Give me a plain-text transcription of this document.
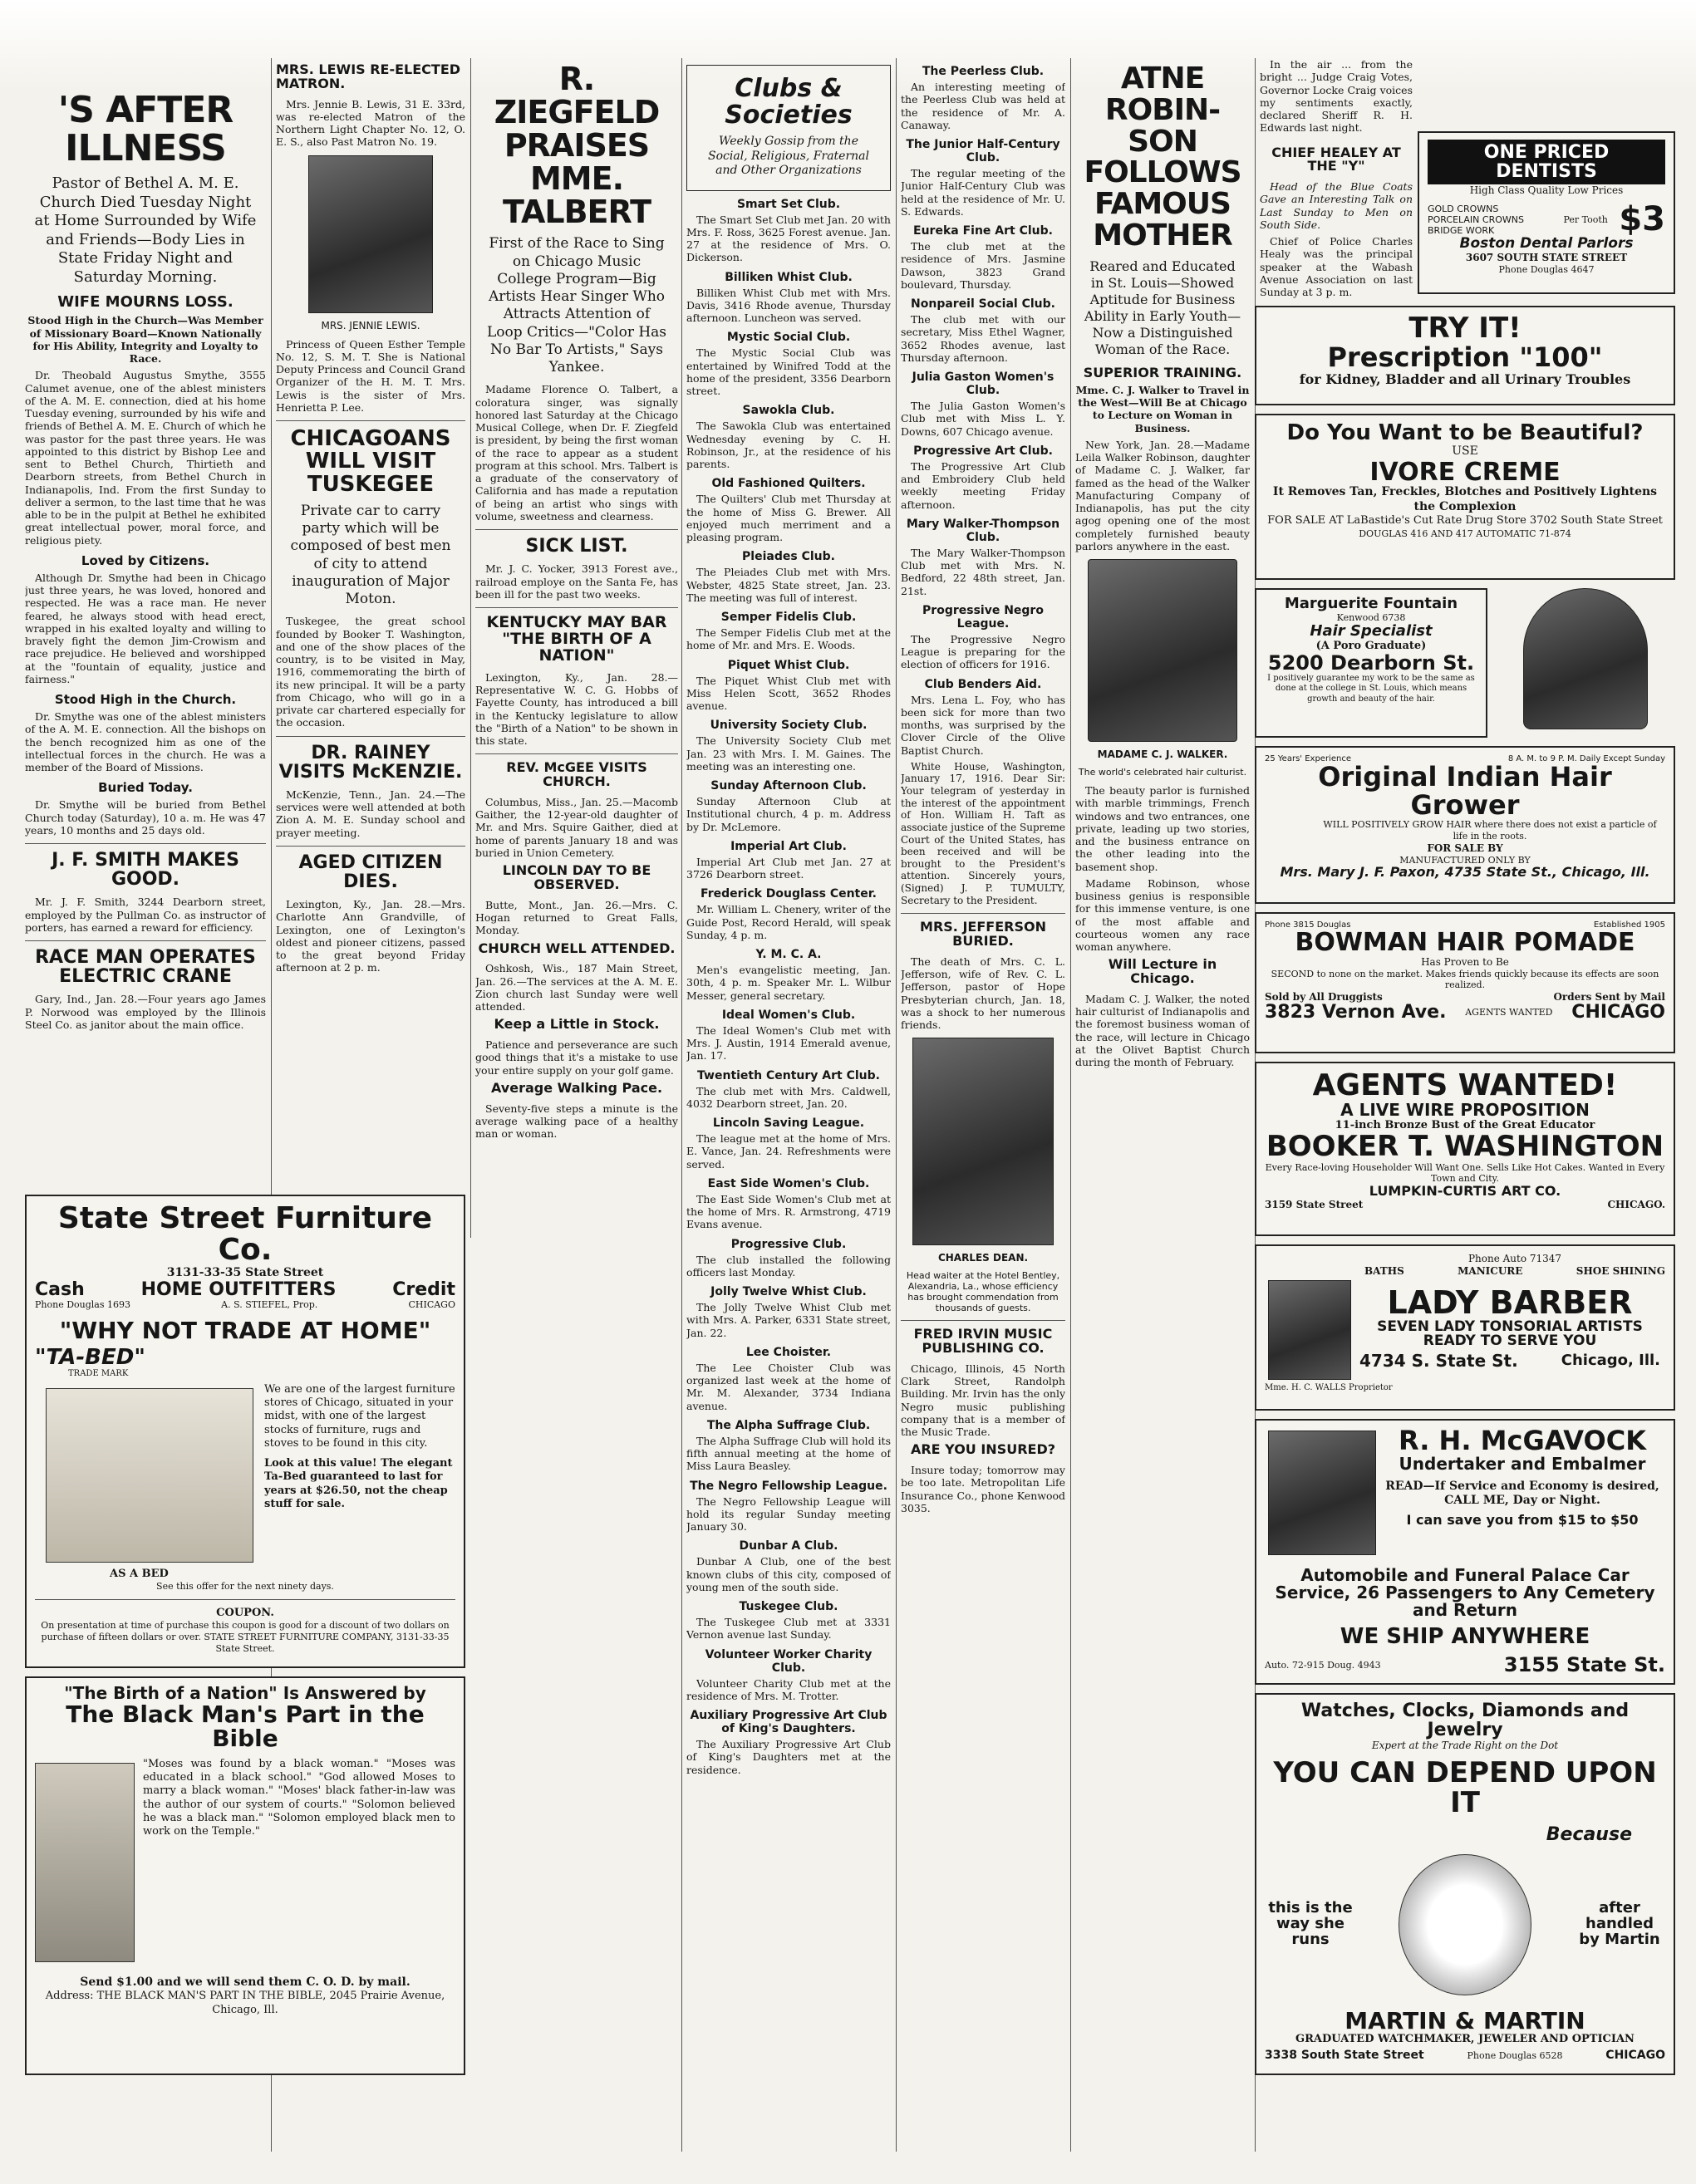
'S AFTER
ILLNESS
Pastor of Bethel A. M. E. Church Died Tuesday Night at Home Surrounded by Wife and Friends—Body Lies in State Friday Night and Saturday Morning.
WIFE MOURNS LOSS.

Stood High in the Church—Was Member of Missionary Board—Known Nationally for His Ability, Integrity and Loyalty to Race.

Dr. Theobald Augustus Smythe, 3555 Calumet avenue, one of the ablest ministers of the A. M. E. connection, died at his home Tuesday evening, surrounded by his wife and friends of Bethel A. M. E. Church of which he was pastor for the past three years. He was appointed to this district by Bishop Lee and sent to Bethel Church, Thirtieth and Dearborn streets, from Bethel Church in Indianapolis, Ind. From the first Sunday to deliver a sermon, to the last time that he was able to be in the pulpit at Bethel he exhibited great intellectual power, moral force, and religious piety.

Loved by Citizens.

Although Dr. Smythe had been in Chicago just three years, he was loved, honored and respected. He was a race man. He never feared, he always stood with head erect, wrapped in his exalted loyalty and willing to bravely fight the demon Jim-Crowism and race prejudice. He believed and worshipped at the "fountain of equality, justice and fairness."

Stood High in the Church.

Dr. Smythe was one of the ablest ministers of the A. M. E. connection. All the bishops on the bench recognized him as one of the intellectual forces in the church. He was a member of the Board of Missions.

Buried Today.

Dr. Smythe will be buried from Bethel Church today (Saturday), 10 a. m. He was 47 years, 10 months and 25 days old.

J. F. SMITH MAKES GOOD.

Mr. J. F. Smith, 3244 Dearborn street, employed by the Pullman Co. as instructor of porters, has earned a reward for efficiency.

RACE MAN OPERATES ELECTRIC CRANE

Gary, Ind., Jan. 28.—Four years ago James P. Norwood was employed by the Illinois Steel Co. as janitor about the main office.

MRS. LEWIS RE-ELECTED MATRON.

Mrs. Jennie B. Lewis, 31 E. 33rd, was re-elected Matron of the Northern Light Chapter No. 12, O. E. S., also Past Matron No. 19.

MRS. JENNIE LEWIS.

Princess of Queen Esther Temple No. 12, S. M. T. She is National Deputy Princess and Council Grand Organizer of the H. M. T. Mrs. Lewis is the sister of Mrs. Henrietta P. Lee.

CHICAGOANS WILL VISIT TUSKEGEE
Private car to carry party which will be composed of best men of city to attend inauguration of Major Moton.

Tuskegee, the great school founded by Booker T. Washington, and one of the show places of the country, is to be visited in May, 1916, commemorating the birth of its new principal. It will be a party from Chicago, who will go in a private car chartered especially for the occasion.

DR. RAINEY VISITS McKENZIE.

McKenzie, Tenn., Jan. 24.—The services were well attended at both Zion A. M. E. Sunday school and prayer meeting.

AGED CITIZEN DIES.

Lexington, Ky., Jan. 28.—Mrs. Charlotte Ann Grandville, of Lexington, one of Lexington's oldest and pioneer citizens, passed to the great beyond Friday afternoon at 2 p. m.

R. ZIEGFELD PRAISES MME. TALBERT
First of the Race to Sing on Chicago Music College Program—Big Artists Hear Singer Who Attracts Attention of Loop Critics—"Color Has No Bar To Artists," Says Yankee.

Madame Florence O. Talbert, a coloratura singer, was signally honored last Saturday at the Chicago Musical College, when Dr. F. Ziegfeld is president, by being the first woman of the race to appear as a student program at this school. Mrs. Talbert is a graduate of the conservatory of California and has made a reputation of being an artist who sings with volume, sweetness and clearness.

SICK LIST.

Mr. J. C. Yocker, 3913 Forest ave., railroad employe on the Santa Fe, has been ill for the past two weeks.

KENTUCKY MAY BAR "THE BIRTH OF A NATION"

Lexington, Ky., Jan. 28.—Representative W. C. G. Hobbs of Fayette County, has introduced a bill in the Kentucky legislature to allow the "Birth of a Nation" to be shown in this state.

REV. McGEE VISITS CHURCH.

Columbus, Miss., Jan. 25.—Macomb Gaither, the 12-year-old daughter of Mr. and Mrs. Squire Gaither, died at home of parents January 18 and was buried in Union Cemetery.

LINCOLN DAY TO BE OBSERVED.

Butte, Mont., Jan. 26.—Mrs. C. Hogan returned to Great Falls, Monday.

CHURCH WELL ATTENDED.

Oshkosh, Wis., 187 Main Street, Jan. 26.—The services at the A. M. E. Zion church last Sunday were well attended.

Keep a Little in Stock.

Patience and perseverance are such good things that it's a mistake to use your entire supply on your golf game.

Average Walking Pace.

Seventy-five steps a minute is the average walking pace of a healthy man or woman.

Clubs & Societies
Weekly Gossip from the Social, Religious, Fraternal and Other Organizations
Smart Set Club.

The Smart Set Club met Jan. 20 with Mrs. F. Ross, 3625 Forest avenue. Jan. 27 at the residence of Mrs. O. Dickerson.

Billiken Whist Club.

Billiken Whist Club met with Mrs. Davis, 3416 Rhode avenue, Thursday afternoon. Luncheon was served.

Mystic Social Club.

The Mystic Social Club was entertained by Winifred Todd at the home of the president, 3356 Dearborn street.

Sawokla Club.

The Sawokla Club was entertained Wednesday evening by C. H. Robinson, Jr., at the residence of his parents.

Old Fashioned Quilters.

The Quilters' Club met Thursday at the home of Miss G. Brewer. All enjoyed much merriment and a pleasing program.

Pleiades Club.

The Pleiades Club met with Mrs. Webster, 4825 State street, Jan. 23. The meeting was full of interest.

Semper Fidelis Club.

The Semper Fidelis Club met at the home of Mr. and Mrs. E. Woods.

Piquet Whist Club.

The Piquet Whist Club met with Miss Helen Scott, 3652 Rhodes avenue.

University Society Club.

The University Society Club met Jan. 23 with Mrs. I. M. Gaines. The meeting was an interesting one.

Sunday Afternoon Club.

Sunday Afternoon Club at Institutional church, 4 p. m. Address by Dr. McLemore.

Imperial Art Club.

Imperial Art Club met Jan. 27 at 3726 Dearborn street.

Frederick Douglass Center.

Mr. William L. Chenery, writer of the Guide Post, Record Herald, will speak Sunday, 4 p. m.

Y. M. C. A.

Men's evangelistic meeting, Jan. 30th, 4 p. m. Speaker Mr. L. Wilbur Messer, general secretary.

Ideal Women's Club.

The Ideal Women's Club met with Mrs. J. Austin, 1914 Emerald avenue, Jan. 17.

Twentieth Century Art Club.

The club met with Mrs. Caldwell, 4032 Dearborn street, Jan. 20.

Lincoln Saving League.

The league met at the home of Mrs. E. Vance, Jan. 24. Refreshments were served.

East Side Women's Club.

The East Side Women's Club met at the home of Mrs. R. Armstrong, 4719 Evans avenue.

Progressive Club.

The club installed the following officers last Monday.

Jolly Twelve Whist Club.

The Jolly Twelve Whist Club met with Mrs. A. Parker, 6331 State street, Jan. 22.

Lee Choister.

The Lee Choister Club was organized last week at the home of Mr. M. Alexander, 3734 Indiana avenue.

The Alpha Suffrage Club.

The Alpha Suffrage Club will hold its fifth annual meeting at the home of Miss Laura Beasley.

The Negro Fellowship League.

The Negro Fellowship League will hold its regular Sunday meeting January 30.

Dunbar A Club.

Dunbar A Club, one of the best known clubs of this city, composed of young men of the south side.

Tuskegee Club.

The Tuskegee Club met at 3331 Vernon avenue last Sunday.

Volunteer Worker Charity Club.

Volunteer Charity Club met at the residence of Mrs. M. Trotter.

Auxiliary Progressive Art Club of King's Daughters.

The Auxiliary Progressive Art Club of King's Daughters met at the residence.

The Peerless Club.

An interesting meeting of the Peerless Club was held at the residence of Mr. A. Canaway.

The Junior Half-Century Club.

The regular meeting of the Junior Half-Century Club was held at the residence of Mr. U. S. Edwards.

Eureka Fine Art Club.

The club met at the residence of Mrs. Jasmine Dawson, 3823 Grand boulevard, Thursday.

Nonpareil Social Club.

The club met with our secretary, Miss Ethel Wagner, 3652 Rhodes avenue, last Thursday afternoon.

Julia Gaston Women's Club.

The Julia Gaston Women's Club met with Miss L. Y. Downs, 607 Chicago avenue.

Progressive Art Club.

The Progressive Art Club and Embroidery Club held weekly meeting Friday afternoon.

Mary Walker-Thompson Club.

The Mary Walker-Thompson Club met with Mrs. N. Bedford, 22 48th street, Jan. 21st.

Progressive Negro League.

The Progressive Negro League is preparing for the election of officers for 1916.

Club Benders Aid.

Mrs. Lena L. Foy, who has been sick for more than two months, was surprised by the Clover Circle of the Olive Baptist Church.

White House, Washington, January 17, 1916. Dear Sir: Your telegram of yesterday in the interest of the appointment of Hon. William H. Taft as associate justice of the Supreme Court of the United States, has been received and will be brought to the President's attention. Sincerely yours, (Signed) J. P. TUMULTY, Secretary to the President.

MRS. JEFFERSON BURIED.

The death of Mrs. C. L. Jefferson, wife of Rev. C. L. Jefferson, pastor of Hope Presbyterian church, Jan. 18, was a shock to her numerous friends.

CHARLES DEAN.
Head waiter at the Hotel Bentley, Alexandria, La., whose efficiency has brought commendation from thousands of guests.
FRED IRVIN MUSIC PUBLISHING CO.

Chicago, Illinois, 45 North Clark Street, Randolph Building. Mr. Irvin has the only Negro music publishing company that is a member of the Music Trade.

ARE YOU INSURED?

Insure today; tomorrow may be too late. Metropolitan Life Insurance Co., phone Kenwood 3035.

ATNE ROBIN-SON FOLLOWS FAMOUS MOTHER
Reared and Educated in St. Louis—Showed Aptitude for Business Ability in Early Youth—Now a Distinguished Woman of the Race.
SUPERIOR TRAINING.

Mme. C. J. Walker to Travel in the West—Will Be at Chicago to Lecture on Woman in Business.

New York, Jan. 28.—Madame Leila Walker Robinson, daughter of Madame C. J. Walker, far famed as the head of the Walker Manufacturing Company of Indianapolis, has put the city agog opening one of the most completely furnished beauty parlors anywhere in the east.

MADAME C. J. WALKER.
The world's celebrated hair culturist.

The beauty parlor is furnished with marble trimmings, French windows and two entrances, one private, leading up two stories, and the business entrance on the other leading into the basement shop.

Madame Robinson, whose business genius is responsible for this immense venture, is one of the most affable and courteous women any race woman anywhere.

Will Lecture in Chicago.

Madam C. J. Walker, the noted hair culturist of Indianapolis and the foremost business woman of the race, will lecture in Chicago at the Olivet Baptist Church during the month of February.

In the air ... from the bright ... Judge Craig Votes, Governor Locke Craig voices my sentiments exactly, declared Sheriff R. H. Edwards last night.

CHIEF HEALEY AT THE "Y"

Head of the Blue Coats Gave an Interesting Talk on Last Sunday to Men on South Side.

Chief of Police Charles Healy was the principal speaker at the Wabash Avenue Association on last Sunday at 3 p. m.

ONE PRICED DENTISTS
High Class Quality Low Prices
GOLD CROWNS PORCELAIN CROWNS BRIDGE WORK
Per Tooth $3
Boston Dental Parlors
3607 SOUTH STATE STREET
Phone Douglas 4647
TRY IT!
Prescription "100"
for Kidney, Bladder and all Urinary Troubles
Do You Want to be Beautiful?
USE
IVORE CREME
It Removes Tan, Freckles, Blotches and Positively Lightens the Complexion
FOR SALE AT LaBastide's Cut Rate Drug Store 3702 South State Street
DOUGLAS 416 AND 417 AUTOMATIC 71-874
Marguerite Fountain
Kenwood 6738
Hair Specialist
(A Poro Graduate)
5200 Dearborn St.
I positively guarantee my work to be the same as done at the college in St. Louis, which means growth and beauty of the hair.
25 Years' Experience	8 A. M. to 9 P. M. Daily Except Sunday
Original Indian Hair Grower
WILL POSITIVELY GROW HAIR where there does not exist a particle of life in the roots.
FOR SALE BY
MANUFACTURED ONLY BY
Mrs. Mary J. F. Paxon, 4735 State St., Chicago, Ill.
Phone 3815 Douglas	Established 1905
BOWMAN HAIR POMADE
Has Proven to Be
SECOND to none on the market. Makes friends quickly because its effects are soon realized.
Sold by All Druggists	Orders Sent by Mail
3823 Vernon Ave. AGENTS WANTED CHICAGO
AGENTS WANTED!
A LIVE WIRE PROPOSITION
11-inch Bronze Bust of the Great Educator
BOOKER T. WASHINGTON
Every Race-loving Householder Will Want One. Sells Like Hot Cakes. Wanted in Every Town and City.
LUMPKIN-CURTIS ART CO.
3159 State Street	CHICAGO.
Phone Auto 71347
BATHS	MANICURE	SHOE SHINING
LADY BARBER
SEVEN LADY TONSORIAL ARTISTS READY TO SERVE YOU
4734 S. State St.	Chicago, Ill.
Mme. H. C. WALLS Proprietor
R. H. McGAVOCK
Undertaker and Embalmer
READ—If Service and Economy is desired, CALL ME, Day or Night.
I can save you from $15 to $50
Automobile and Funeral Palace Car Service, 26 Passengers to Any Cemetery and Return
WE SHIP ANYWHERE
Auto. 72-915 Doug. 4943	3155 State St.
Watches, Clocks, Diamonds and Jewelry
Expert at the Trade Right on the Dot
YOU CAN DEPEND UPON IT
Because
this is the way she runs
after handled by Martin
MARTIN & MARTIN
GRADUATED WATCHMAKER, JEWELER AND OPTICIAN
3338 South State Street	Phone Douglas 6528	CHICAGO
State Street Furniture Co.
3131-33-35 State Street
Cash	HOME OUTFITTERS	Credit
Phone Douglas 1693	A. S. STIEFEL, Prop.	CHICAGO
"WHY NOT TRADE AT HOME"
"TA-BED"
TRADE MARK
We are one of the largest furniture stores of Chicago, situated in your midst, with one of the largest stocks of furniture, rugs and stoves to be found in this city.
Look at this value! The elegant Ta-Bed guaranteed to last for years at $26.50, not the cheap stuff for sale.
AS A BED
See this offer for the next ninety days.
COUPON.
On presentation at time of purchase this coupon is good for a discount of two dollars on purchase of fifteen dollars or over. STATE STREET FURNITURE COMPANY, 3131-33-35 State Street.
"The Birth of a Nation" Is Answered by
The Black Man's Part in the Bible
"Moses was found by a black woman." "Moses was educated in a black school." "God allowed Moses to marry a black woman." "Moses' black father-in-law was the author of our system of courts." "Solomon believed he was a black man." "Solomon employed black men to work on the Temple."
Send $1.00 and we will send them C. O. D. by mail.
Address: THE BLACK MAN'S PART IN THE BIBLE, 2045 Prairie Avenue, Chicago, Ill.
